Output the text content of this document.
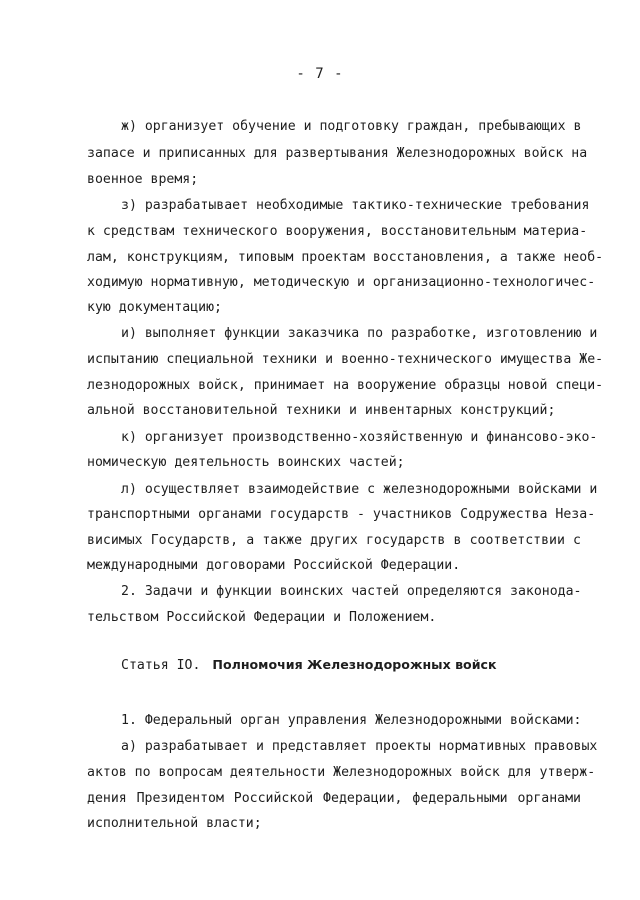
- 7 -
ж) организует обучение и подготовку граждан, пребывающих в
запасе и приписанных для развертывания Железнодорожных войск на
военное время;
з) разрабатывает необходимые тактико-технические требования
к средствам технического вооружения, восстановительным материа-
лам, конструкциям, типовым проектам восстановления, а также необ-
ходимую нормативную, методическую и организационно-технологичес-
кую документацию;
и) выполняет функции заказчика по разработке, изготовлению и
испытанию специальной техники и военно-технического имущества Же-
лезнодорожных войск, принимает на вооружение образцы новой специ-
альной восстановительной техники и инвентарных конструкций;
к) организует производственно-хозяйственную и финансово-эко-
номическую деятельность воинских частей;
л) осуществляет взаимодействие с железнодорожными войсками и
транспортными органами государств - участников Содружества Неза-
висимых Государств, а также других государств в соответствии с
международными договорами Российской Федерации.
2. Задачи и функции воинских частей определяются законода-
тельством Российской Федерации и Положением.
Статья IO. Полномочия Железнодорожных войск
1. Федеральный орган управления Железнодорожными войсками:
а) разрабатывает и представляет проекты нормативных правовых
актов по вопросам деятельности Железнодорожных войск для утверж-
дения Президентом Российской Федерации, федеральными органами
исполнительной власти;
